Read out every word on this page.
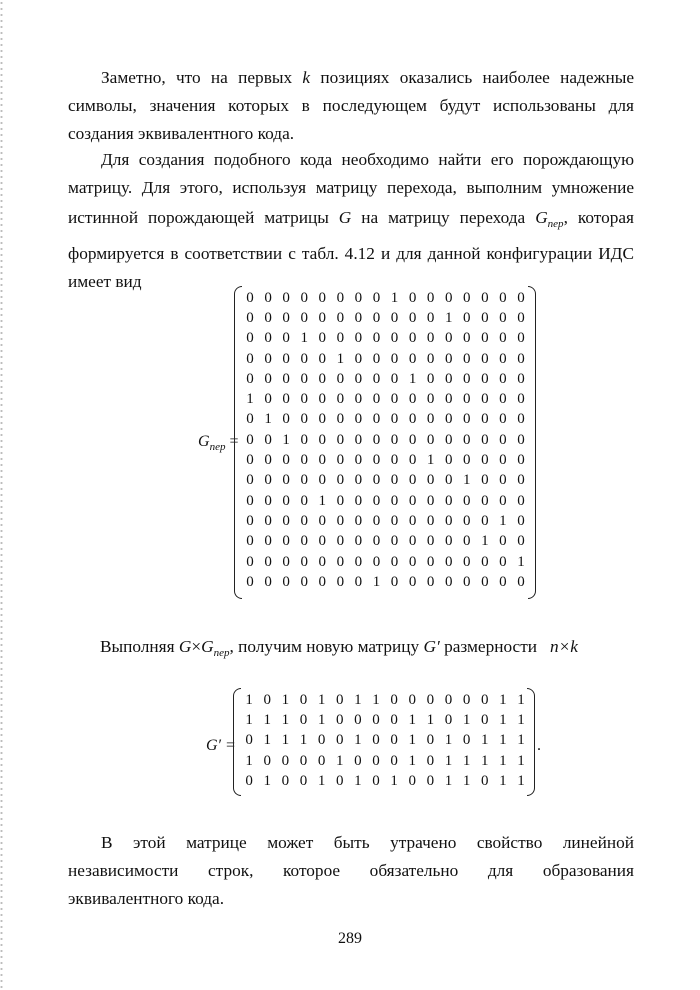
Заметно, что на первых k позициях оказались наиболее надежные
символы, значения которых в последующем будут использованы для
создания эквивалентного кода.

Для создания подобного кода необходимо найти его порождающую
матрицу. Для этого, используя матрицу перехода, выполним умножение
истинной порождающей матрицы G на матрицу перехода $G_{пер}$, которая
формируется в соответствии с табл. 4.12 и для данной конфигурации ИДС
имеет вид

$G_{пер}$ =
0 0 0 0 0 0 0 0 1 0 0 0 0 0 0 0
0 0 0 0 0 0 0 0 0 0 0 1 0 0 0 0
0 0 0 1 0 0 0 0 0 0 0 0 0 0 0 0
0 0 0 0 0 1 0 0 0 0 0 0 0 0 0 0
0 0 0 0 0 0 0 0 0 1 0 0 0 0 0 0
1 0 0 0 0 0 0 0 0 0 0 0 0 0 0 0
0 1 0 0 0 0 0 0 0 0 0 0 0 0 0 0
0 0 1 0 0 0 0 0 0 0 0 0 0 0 0 0
0 0 0 0 0 0 0 0 0 0 1 0 0 0 0 0
0 0 0 0 0 0 0 0 0 0 0 0 1 0 0 0
0 0 0 0 1 0 0 0 0 0 0 0 0 0 0 0
0 0 0 0 0 0 0 0 0 0 0 0 0 0 1 0
0 0 0 0 0 0 0 0 0 0 0 0 0 1 0 0
0 0 0 0 0 0 0 0 0 0 0 0 0 0 0 1
0 0 0 0 0 0 0 1 0 0 0 0 0 0 0 0

Выполняя $G\times G_{пер}$, получим новую матрицу G′ размерности   n×k

G′ =
1 0 1 0 1 0 1 1 0 0 0 0 0 0 1 1
1 1 1 0 1 0 0 0 0 1 1 0 1 0 1 1
0 1 1 1 0 0 1 0 0 1 0 1 0 1 1 1
1 0 0 0 0 1 0 0 0 1 0 1 1 1 1 1
0 1 0 0 1 0 1 0 1 0 0 1 1 0 1 1
.

В этой матрице может быть утрачено свойство линейной
независимости строк, которое обязательно для образования
эквивалентного кода.

289
